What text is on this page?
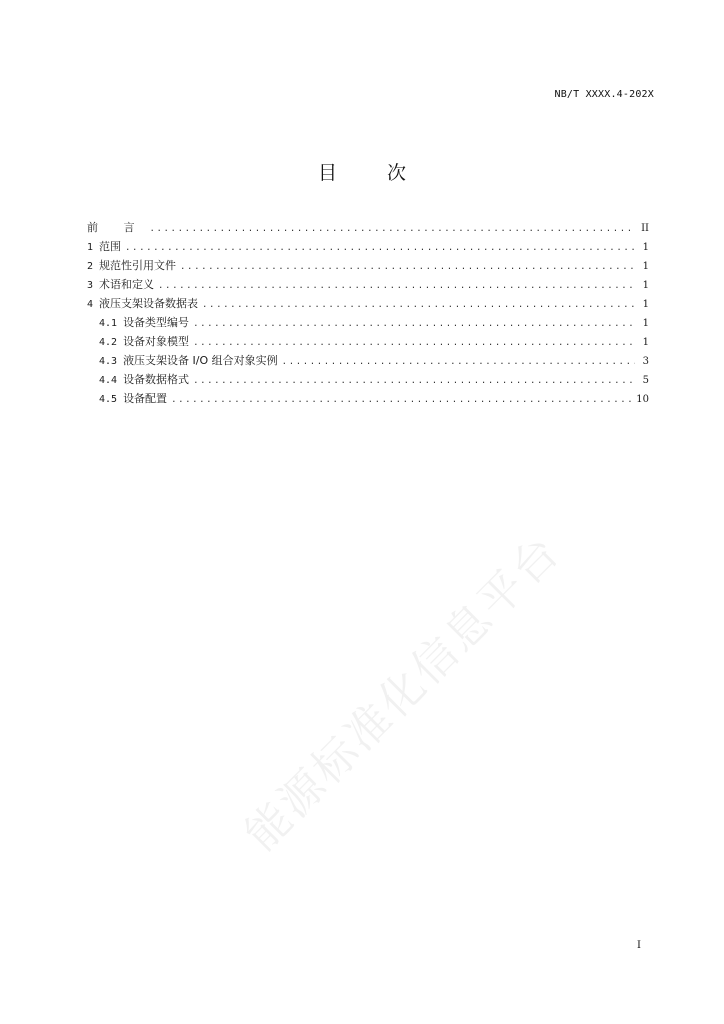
NB/T XXXX.4-202X
目 次
前 言 .....	II
1 范围 .....	1
2 规范性引用文件 .....	1
3 术语和定义 .....	1
4 液压支架设备数据表 .....	1
4.1 设备类型编号 .....	1
4.2 设备对象模型 .....	1
4.3 液压支架设备 I/O 组合对象实例 .....	3
4.4 设备数据格式 .....	5
4.5 设备配置 .....	10
能源标准化信息平台
I
